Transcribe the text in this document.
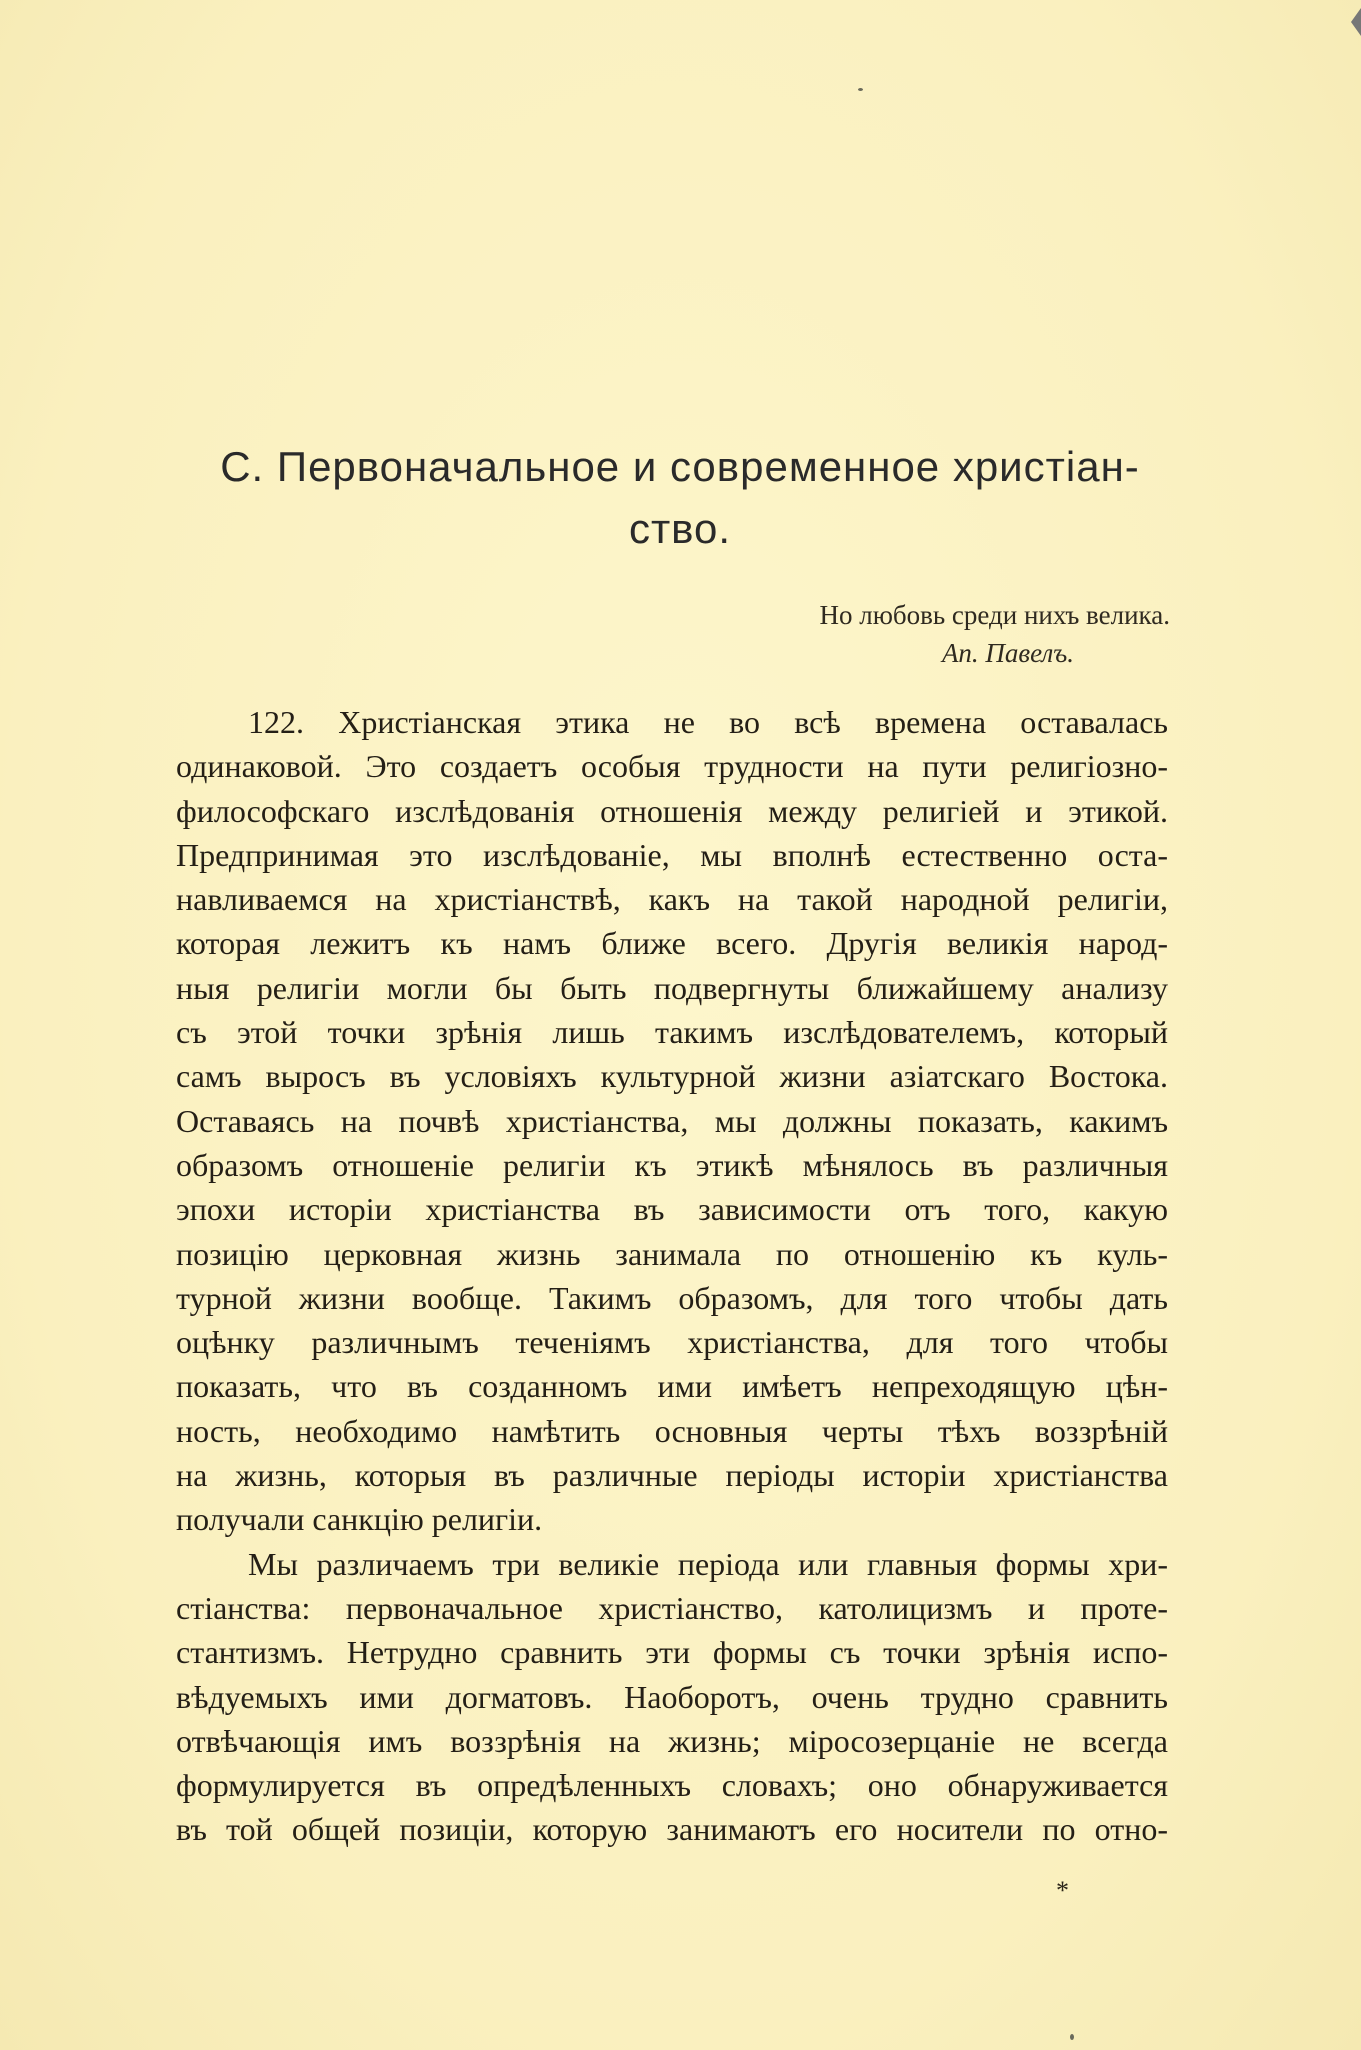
С. Первоначальное и современное христіан-
ство.
Но любовь среди нихъ велика.
Ап. Павелъ.
122. Христіанская этика не во всѣ времена оставалась
одинаковой. Это создаетъ особыя трудности на пути религіозно-
философскаго изслѣдованія отношенія между религіей и этикой.
Предпринимая это изслѣдованіе, мы вполнѣ естественно оста-
навливаемся на христіанствѣ, какъ на такой народной религіи,
которая лежитъ къ намъ ближе всего. Другія великія народ-
ныя религіи могли бы быть подвергнуты ближайшему анализу
съ этой точки зрѣнія лишь такимъ изслѣдователемъ, который
самъ выросъ въ условіяхъ культурной жизни азіатскаго Востока.
Оставаясь на почвѣ христіанства, мы должны показать, какимъ
образомъ отношеніе религіи къ этикѣ мѣнялось въ различныя
эпохи исторіи христіанства въ зависимости отъ того, какую
позицію церковная жизнь занимала по отношенію къ куль-
турной жизни вообще. Такимъ образомъ, для того чтобы дать
оцѣнку различнымъ теченіямъ христіанства, для того чтобы
показать, что въ созданномъ ими имѣетъ непреходящую цѣн-
ность, необходимо намѣтить основныя черты тѣхъ воззрѣній
на жизнь, которыя въ различные періоды исторіи христіанства
получали санкцію религіи.
Мы различаемъ три великіе періода или главныя формы хри-
стіанства: первоначальное христіанство, католицизмъ и проте-
стантизмъ. Нетрудно сравнить эти формы съ точки зрѣнія испо-
вѣдуемыхъ ими догматовъ. Наоборотъ, очень трудно сравнить
отвѣчающія имъ воззрѣнія на жизнь; міросозерцаніе не всегда
формулируется въ опредѣленныхъ словахъ; оно обнаруживается
въ той общей позиціи, которую занимаютъ его носители по отно-
*
